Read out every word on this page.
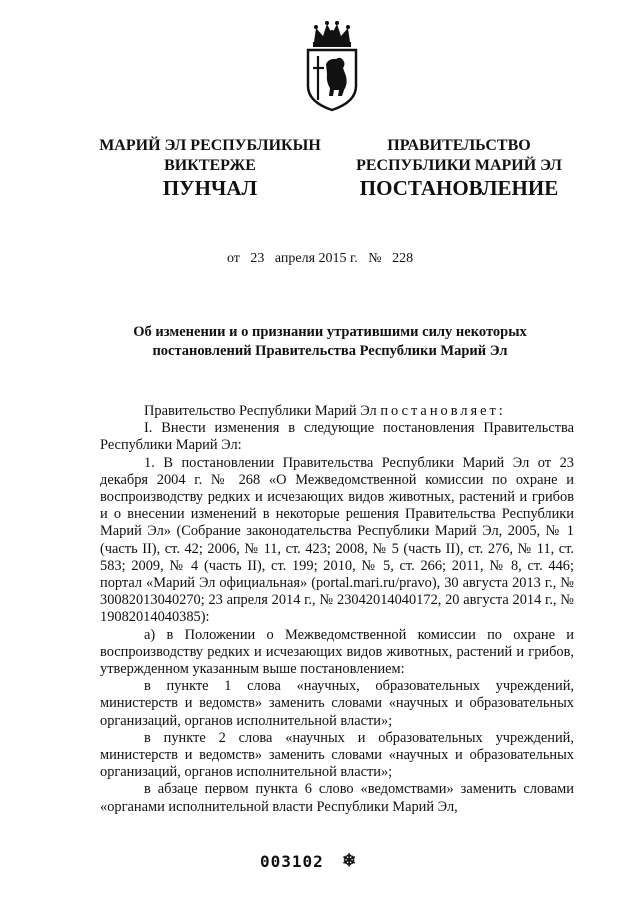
МАРИЙ ЭЛ РЕСПУБЛИКЫН
ВИКТЕРЖЕ
ПРАВИТЕЛЬСТВО
РЕСПУБЛИКИ МАРИЙ ЭЛ
ПУНЧАЛ	ПОСТАНОВЛЕНИЕ
от 23 апреля 2015 г. № 228
Об изменении и о признании утратившими силу некоторых
постановлений Правительства Республики Марий Эл

Правительство Республики Марий Эл постановляет:

I. Внести изменения в следующие постановления Правительства Республики Марий Эл:

1. В постановлении Правительства Республики Марий Эл от 23 декабря 2004 г. № 268 «О Межведомственной комиссии по охране и воспроизводству редких и исчезающих видов животных, растений и грибов и о внесении изменений в некоторые решения Правительства Республики Марий Эл» (Собрание законодательства Республики Марий Эл, 2005, № 1 (часть II), ст. 42; 2006, № 11, ст. 423; 2008, № 5 (часть II), ст. 276, № 11, ст. 583; 2009, № 4 (часть II), ст. 199; 2010, № 5, ст. 266; 2011, № 8, ст. 446; портал «Марий Эл официальная» (portal.mari.ru/pravo), 30 августа 2013 г., № 30082013040270; 23 апреля 2014 г., № 23042014040172, 20 августа 2014 г., № 19082014040385):

а) в Положении о Межведомственной комиссии по охране и воспроизводству редких и исчезающих видов животных, растений и грибов, утвержденном указанным выше постановлением:

в пункте 1 слова «научных, образовательных учреждений, министерств и ведомств» заменить словами «научных и образовательных организаций, органов исполнительной власти»;

в пункте 2 слова «научных и образовательных учреждений, министерств и ведомств» заменить словами «научных и образовательных организаций, органов исполнительной власти»;

в абзаце первом пункта 6 слово «ведомствами» заменить словами «органами исполнительной власти Республики Марий Эл,

003102 ❄
